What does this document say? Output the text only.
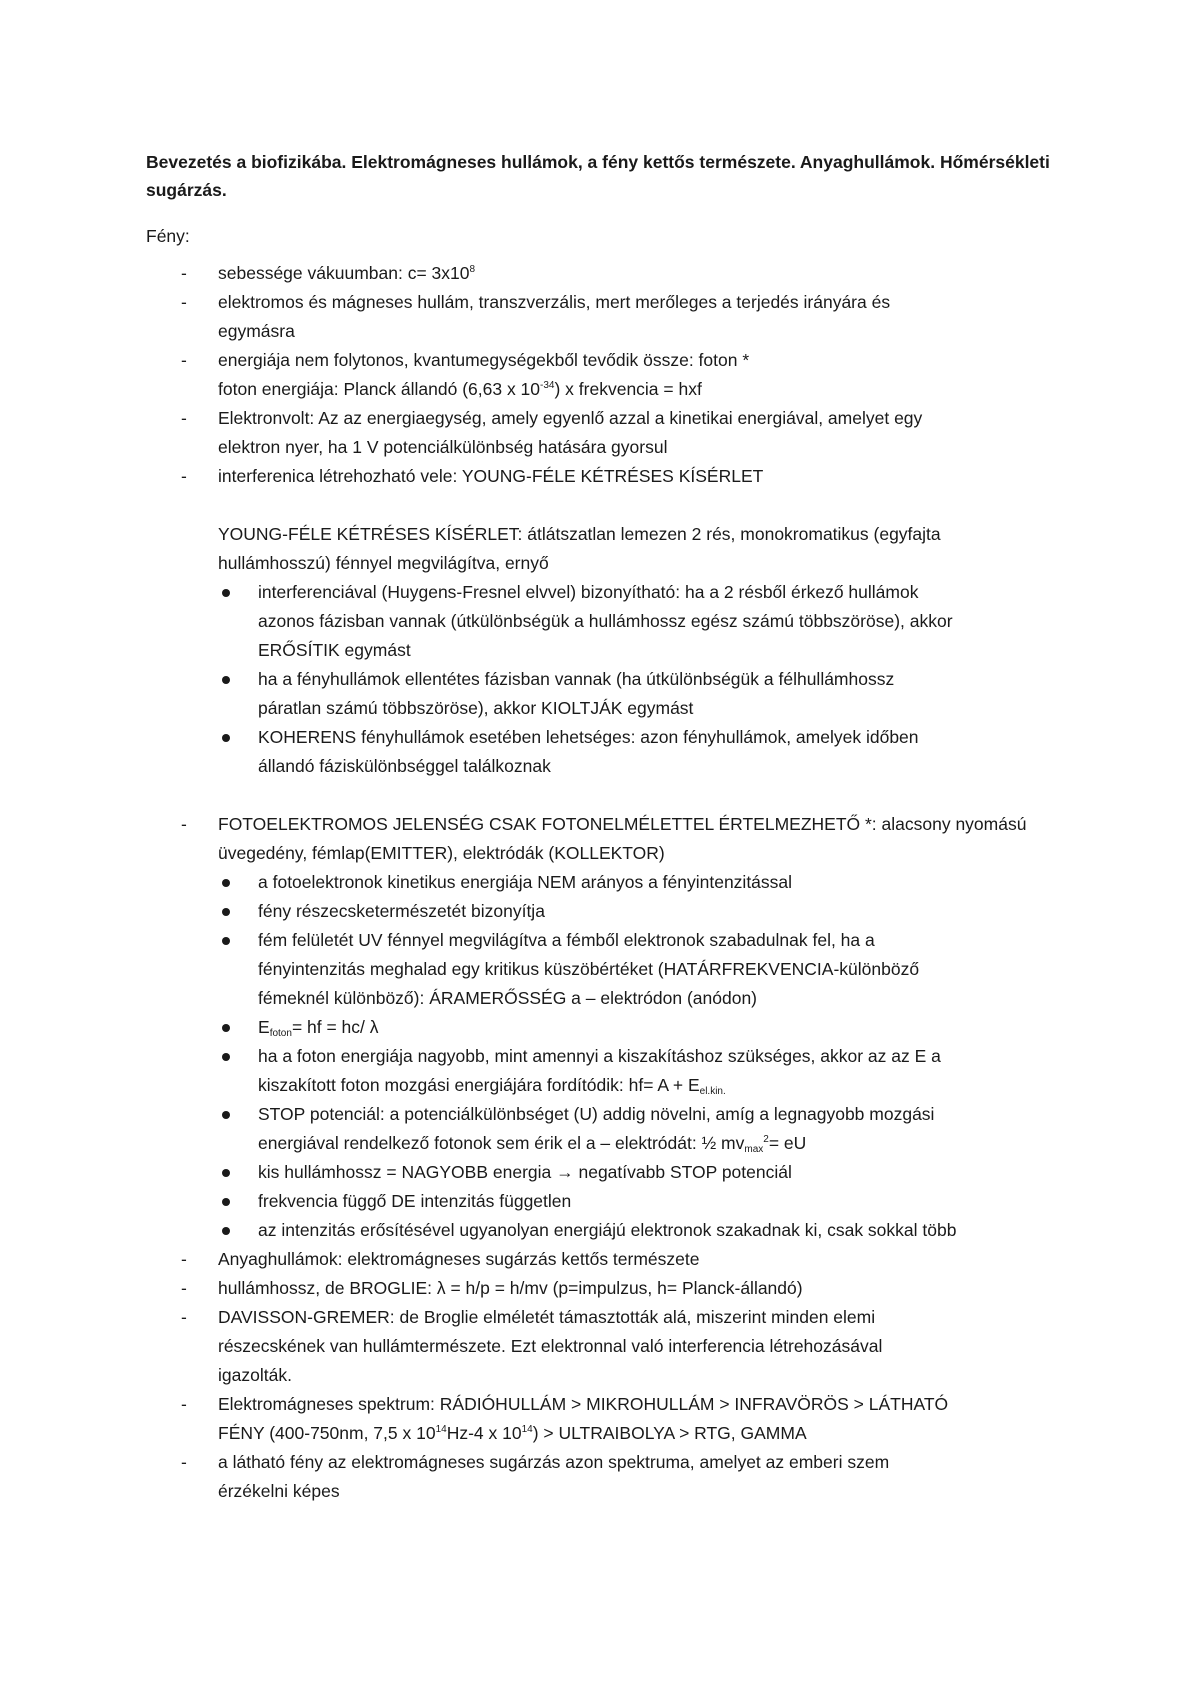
Bevezetés a biofizikába. Elektromágneses hullámok, a fény kettős természete. Anyaghullámok. Hőmérsékleti sugárzás.

Fény:

- sebessége vákuumban: $c= 3x10^8$
- elektromos és mágneses hullám, transzverzális, mert merőleges a terjedés irányára és
egymásra
- energiája nem folytonos, kvantumegységekből tevődik össze: foton *
foton energiája: Planck állandó (6,63 x $10^{-34}$) x frekvencia = hxf
- Elektronvolt: Az az energiaegység, amely egyenlő azzal a kinetikai energiával, amelyet egy
elektron nyer, ha 1 V potenciálkülönbség hatására gyorsul
- interferenica létrehozható vele: YOUNG-FÉLE KÉTRÉSES KÍSÉRLET
YOUNG-FÉLE KÉTRÉSES KÍSÉRLET: átlátszatlan lemezen 2 rés, monokromatikus (egyfajta
hullámhosszú) fénnyel megvilágítva, ernyő
interferenciával (Huygens-Fresnel elvvel) bizonyítható: ha a 2 résből érkező hullámok
azonos fázisban vannak (útkülönbségük a hullámhossz egész számú többszöröse), akkor
ERŐSÍTIK egymást
ha a fényhullámok ellentétes fázisban vannak (ha útkülönbségük a félhullámhossz
páratlan számú többszöröse), akkor KIOLTJÁK egymást
KOHERENS fényhullámok esetében lehetséges: azon fényhullámok, amelyek időben
állandó fáziskülönbséggel találkoznak
- FOTOELEKTROMOS JELENSÉG CSAK FOTONELMÉLETTEL ÉRTELMEZHETŐ *: alacsony nyomású
üvegedény, fémlap(EMITTER), elektródák (KOLLEKTOR)
a fotoelektronok kinetikus energiája NEM arányos a fényintenzitással
fény részecsketermészetét bizonyítja
fém felületét UV fénnyel megvilágítva a fémből elektronok szabadulnak fel, ha a
fényintenzitás meghalad egy kritikus küszöbértéket (HATÁRFREKVENCIA-különböző
fémeknél különböző): ÁRAMERŐSSÉG a – elektródon (anódon)
$E_{foton}=$ hf = hc/ λ
ha a foton energiája nagyobb, mint amennyi a kiszakításhoz szükséges, akkor az az E a
kiszakított foton mozgási energiájára fordítódik: $hf= A + E_{el.kin.}$
STOP potenciál: a potenciálkülönbséget (U) addig növelni, amíg a legnagyobb mozgási
energiával rendelkező fotonok sem érik el a – elektródát: ½ $mv_{max}^2=$ eU
kis hullámhossz = NAGYOBB energia → negatívabb STOP potenciál
frekvencia függő DE intenzitás független
az intenzitás erősítésével ugyanolyan energiájú elektronok szakadnak ki, csak sokkal több
- Anyaghullámok: elektromágneses sugárzás kettős természete
- hullámhossz, de BROGLIE: λ = h/p = h/mv (p=impulzus, h= Planck-állandó)
- DAVISSON-GREMER: de Broglie elméletét támasztották alá, miszerint minden elemi
részecskének van hullámtermészete. Ezt elektronnal való interferencia létrehozásával
igazolták.
- Elektromágneses spektrum: RÁDIÓHULLÁM > MIKROHULLÁM > INFRAVÖRÖS > LÁTHATÓ
FÉNY (400-750nm, 7,5 x $10^{14}Hz-4$ x $10^{14}$) > ULTRAIBOLYA > RTG, GAMMA
- a látható fény az elektromágneses sugárzás azon spektruma, amelyet az emberi szem
érzékelni képes
